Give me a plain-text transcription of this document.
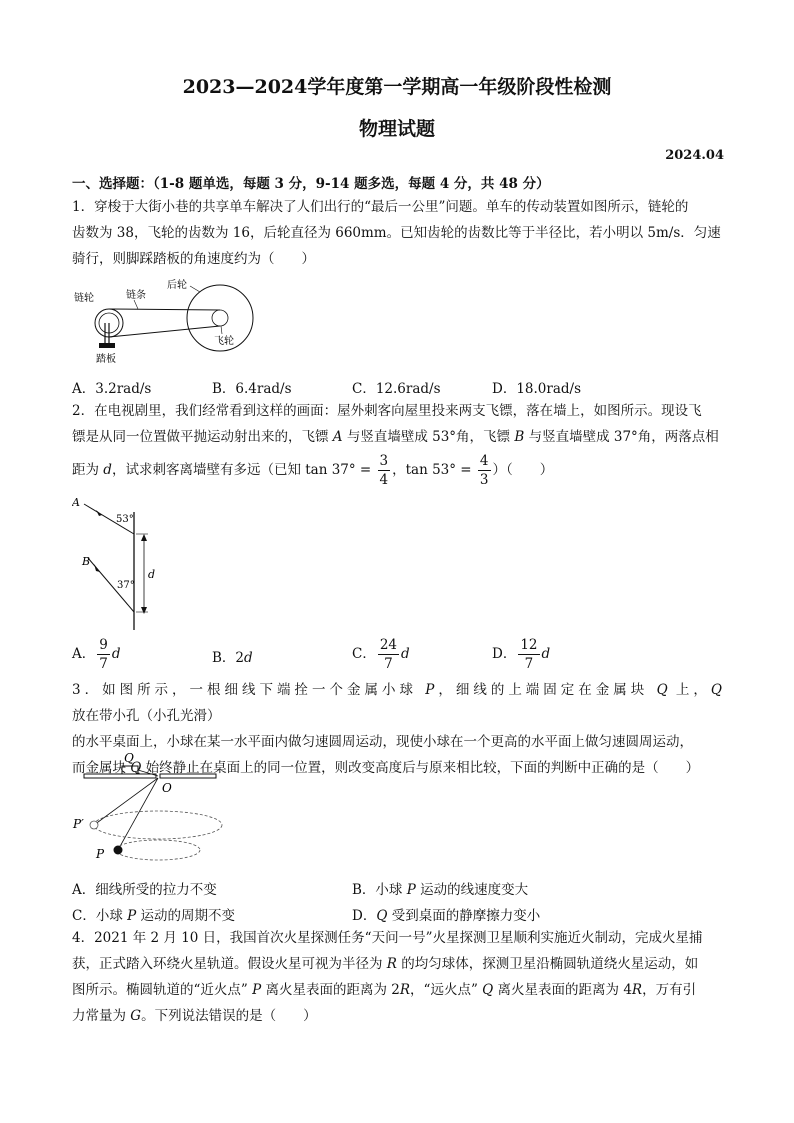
2023—2024学年度第一学期高一年级阶段性检测
物理试题
2024.04
一、选择题：（1-8 题单选，每题 3 分，9-14 题多选，每题 4 分，共 48 分）
1．穿梭于大街小巷的共享单车解决了人们出行的“最后一公里”问题。单车的传动装置如图所示，链轮的
齿数为 38，飞轮的齿数为 16，后轮直径为 660mm。已知齿轮的齿数比等于半径比，若小明以 5m/s．匀速
骑行，则脚踩踏板的角速度约为（　　）
链轮	链条
后轮
飞轮
踏板
A．3.2rad/s	B．6.4rad/s	C．12.6rad/s	D．18.0rad/s
2．在电视剧里，我们经常看到这样的画面：屋外刺客向屋里投来两支飞镖，落在墙上，如图所示。现设飞
镖是从同一位置做平抛运动射出来的，飞镖 A 与竖直墙壁成 53°角，飞镖 B 与竖直墙壁成 37°角，两落点相
距为 d，试求刺客离墙壁有多远（已知 $\tan 37^\circ = \frac{3}{4}$ ，$\tan 53^\circ = \frac{4}{3}$ ）（　　）
A
B
53°
37°
d
A． $\frac{9}{7}$ d	B．2d	C． $\frac{24}{7}$ d	D． $\frac{12}{7}$ d
3．如图所示，一根细线下端拴一个金属小球 P，细线的上端固定在金属块 Q 上，Q 放在带小孔（小孔光滑）
的水平桌面上，小球在某一水平面内做匀速圆周运动，现使小球在一个更高的水平面上做匀速圆周运动，
而金属块 Q 始终静止在桌面上的同一位置，则改变高度后与原来相比较，下面的判断中正确的是（　　）
Q
O
P′
P
A．细线所受的拉力不变	B．小球 P 运动的线速度变大
C．小球 P 运动的周期不变	D．Q 受到桌面的静摩擦力变小
4．2021 年 2 月 10 日，我国首次火星探测任务“天问一号”火星探测卫星顺利实施近火制动，完成火星捕
获，正式踏入环绕火星轨道。假设火星可视为半径为 R 的均匀球体，探测卫星沿椭圆轨道绕火星运动，如
图所示。椭圆轨道的“近火点” P 离火星表面的距离为 2R，“远火点” Q 离火星表面的距离为 4R，万有引
力常量为 G。下列说法错误的是（　　）
